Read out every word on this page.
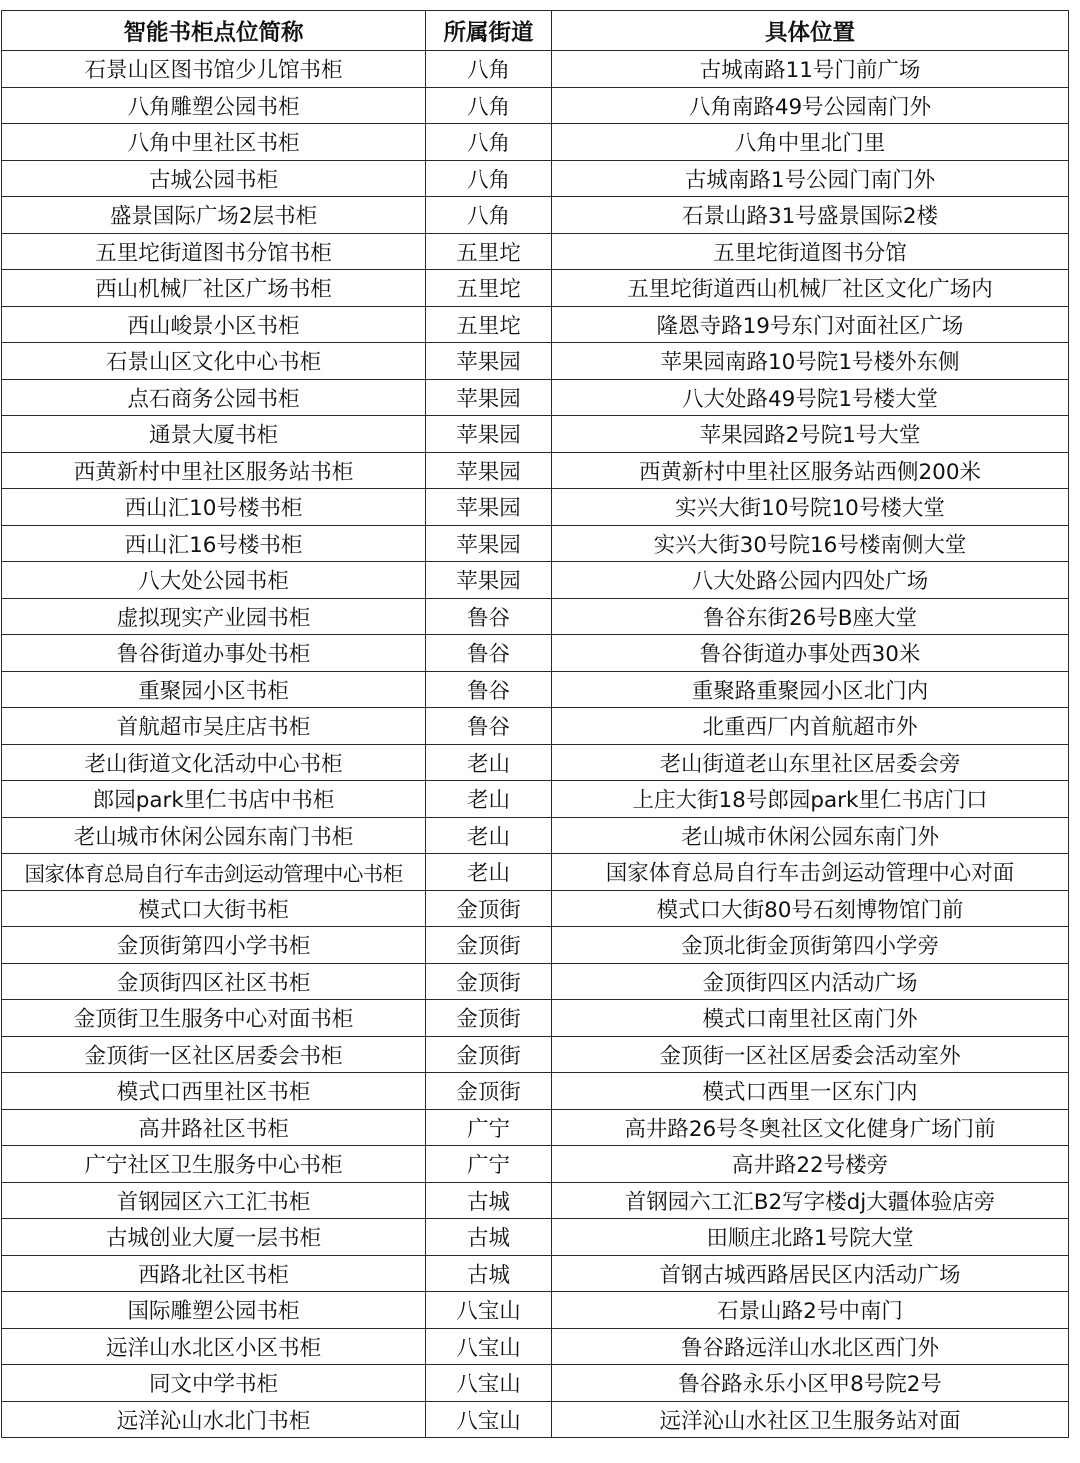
智能书柜点位简称	所属街道	具体位置
石景山区图书馆少儿馆书柜	八角	古城南路11号门前广场
八角雕塑公园书柜	八角	八角南路49号公园南门外
八角中里社区书柜	八角	八角中里北门里
古城公园书柜	八角	古城南路1号公园门南门外
盛景国际广场2层书柜	八角	石景山路31号盛景国际2楼
五里坨街道图书分馆书柜	五里坨	五里坨街道图书分馆
西山机械厂社区广场书柜	五里坨	五里坨街道西山机械厂社区文化广场内
西山峻景小区书柜	五里坨	隆恩寺路19号东门对面社区广场
石景山区文化中心书柜	苹果园	苹果园南路10号院1号楼外东侧
点石商务公园书柜	苹果园	八大处路49号院1号楼大堂
通景大厦书柜	苹果园	苹果园路2号院1号大堂
西黄新村中里社区服务站书柜	苹果园	西黄新村中里社区服务站西侧200米
西山汇10号楼书柜	苹果园	实兴大街10号院10号楼大堂
西山汇16号楼书柜	苹果园	实兴大街30号院16号楼南侧大堂
八大处公园书柜	苹果园	八大处路公园内四处广场
虚拟现实产业园书柜	鲁谷	鲁谷东街26号B座大堂
鲁谷街道办事处书柜	鲁谷	鲁谷街道办事处西30米
重聚园小区书柜	鲁谷	重聚路重聚园小区北门内
首航超市吴庄店书柜	鲁谷	北重西厂内首航超市外
老山街道文化活动中心书柜	老山	老山街道老山东里社区居委会旁
郎园park里仁书店中书柜	老山	上庄大街18号郎园park里仁书店门口
老山城市休闲公园东南门书柜	老山	老山城市休闲公园东南门外
国家体育总局自行车击剑运动管理中心书柜	老山	国家体育总局自行车击剑运动管理中心对面
模式口大街书柜	金顶街	模式口大街80号石刻博物馆门前
金顶街第四小学书柜	金顶街	金顶北街金顶街第四小学旁
金顶街四区社区书柜	金顶街	金顶街四区内活动广场
金顶街卫生服务中心对面书柜	金顶街	模式口南里社区南门外
金顶街一区社区居委会书柜	金顶街	金顶街一区社区居委会活动室外
模式口西里社区书柜	金顶街	模式口西里一区东门内
高井路社区书柜	广宁	高井路26号冬奥社区文化健身广场门前
广宁社区卫生服务中心书柜	广宁	高井路22号楼旁
首钢园区六工汇书柜	古城	首钢园六工汇B2写字楼dj大疆体验店旁
古城创业大厦一层书柜	古城	田顺庄北路1号院大堂
西路北社区书柜	古城	首钢古城西路居民区内活动广场
国际雕塑公园书柜	八宝山	石景山路2号中南门
远洋山水北区小区书柜	八宝山	鲁谷路远洋山水北区西门外
同文中学书柜	八宝山	鲁谷路永乐小区甲8号院2号
远洋沁山水北门书柜	八宝山	远洋沁山水社区卫生服务站对面
